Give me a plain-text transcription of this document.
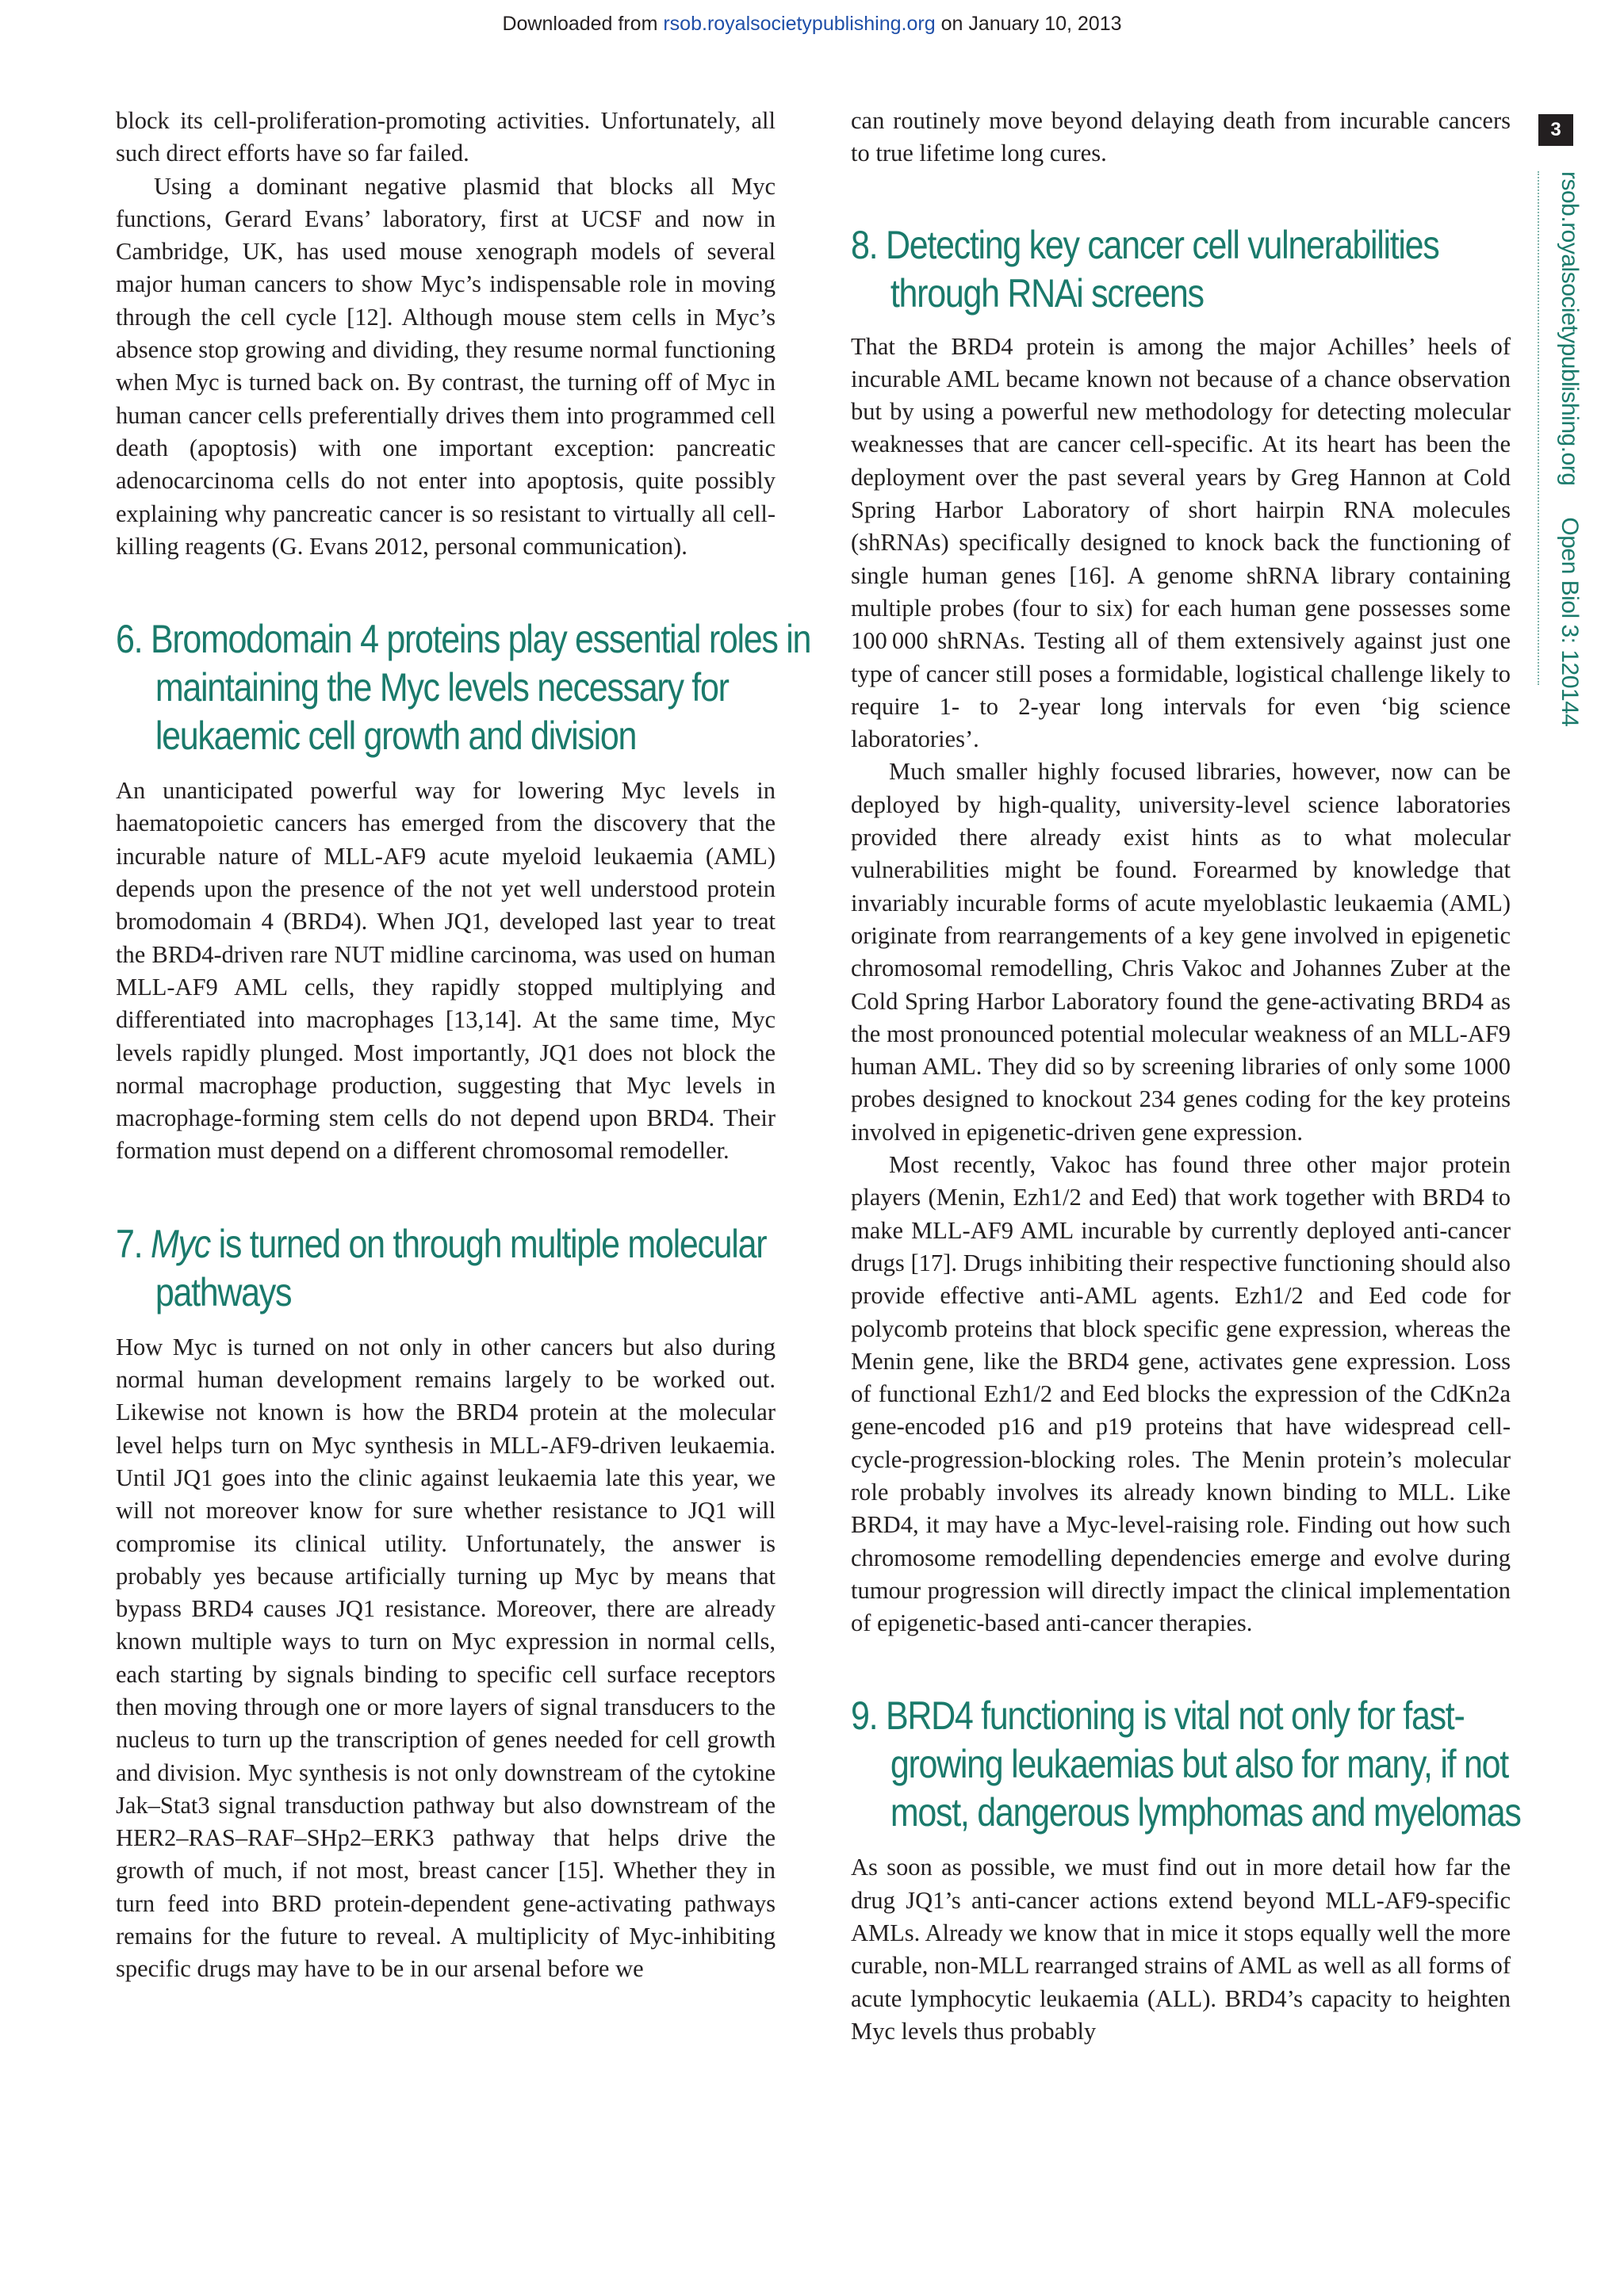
Downloaded from rsob.royalsocietypublishing.org on January 10, 2013
3
rsob.royalsocietypublishing.orgOpen Biol 3: 120144

block its cell-proliferation-promoting activities. Unfortunately, all such direct efforts have so far failed.

Using a dominant negative plasmid that blocks all Myc functions, Gerard Evans’ laboratory, first at UCSF and now in Cambridge, UK, has used mouse xenograph models of several major human cancers to show Myc’s indispensable role in moving through the cell cycle [12]. Although mouse stem cells in Myc’s absence stop growing and dividing, they resume normal functioning when Myc is turned back on. By contrast, the turning off of Myc in human cancer cells preferentially drives them into programmed cell death (apoptosis) with one important exception: pancreatic adenocarcinoma cells do not enter into apoptosis, quite possibly explaining why pancreatic cancer is so resistant to virtually all cell-killing reagents (G. Evans 2012, personal communication).

6. Bromodomain 4 proteins play essential roles in maintaining the Myc levels necessary for leukaemic cell growth and division

An unanticipated powerful way for lowering Myc levels in haematopoietic cancers has emerged from the discovery that the incurable nature of MLL-AF9 acute myeloid leukaemia (AML) depends upon the presence of the not yet well understood protein bromodomain 4 (BRD4). When JQ1, developed last year to treat the BRD4-driven rare NUT midline carcinoma, was used on human MLL-AF9 AML cells, they rapidly stopped multiplying and differentiated into macrophages [13,14]. At the same time, Myc levels rapidly plunged. Most importantly, JQ1 does not block the normal macrophage production, suggesting that Myc levels in macrophage-forming stem cells do not depend upon BRD4. Their formation must depend on a different chromosomal remodeller.

7. Myc is turned on through multiple molecular pathways

How Myc is turned on not only in other cancers but also during normal human development remains largely to be worked out. Likewise not known is how the BRD4 protein at the molecular level helps turn on Myc synthesis in MLL-AF9-driven leukaemia. Until JQ1 goes into the clinic against leukaemia late this year, we will not moreover know for sure whether resistance to JQ1 will compromise its clinical utility. Unfortunately, the answer is probably yes because artificially turning up Myc by means that bypass BRD4 causes JQ1 resistance. Moreover, there are already known multiple ways to turn on Myc expression in normal cells, each starting by signals binding to specific cell surface receptors then moving through one or more layers of signal transducers to the nucleus to turn up the transcription of genes needed for cell growth and division. Myc synthesis is not only downstream of the cytokine Jak–Stat3 signal transduction pathway but also downstream of the HER2–RAS–RAF–SHp2–ERK3 pathway that helps drive the growth of much, if not most, breast cancer [15]. Whether they in turn feed into BRD protein-dependent gene-activating pathways remains for the future to reveal. A multiplicity of Myc-inhibiting specific drugs may have to be in our arsenal before we

can routinely move beyond delaying death from incurable cancers to true lifetime long cures.

8. Detecting key cancer cell vulnerabilities through RNAi screens

That the BRD4 protein is among the major Achilles’ heels of incurable AML became known not because of a chance observation but by using a powerful new methodology for detecting molecular weaknesses that are cancer cell-specific. At its heart has been the deployment over the past several years by Greg Hannon at Cold Spring Harbor Laboratory of short hairpin RNA molecules (shRNAs) specifically designed to knock back the functioning of single human genes [16]. A genome shRNA library containing multiple probes (four to six) for each human gene possesses some 100 000 shRNAs. Testing all of them extensively against just one type of cancer still poses a formidable, logistical challenge likely to require 1- to 2-year long intervals for even ‘big science laboratories’.

Much smaller highly focused libraries, however, now can be deployed by high-quality, university-level science laboratories provided there already exist hints as to what molecular vulnerabilities might be found. Forearmed by knowledge that invariably incurable forms of acute myeloblastic leukaemia (AML) originate from rearrangements of a key gene involved in epigenetic chromosomal remodelling, Chris Vakoc and Johannes Zuber at the Cold Spring Harbor Laboratory found the gene-activating BRD4 as the most pronounced potential molecular weakness of an MLL-AF9 human AML. They did so by screening libraries of only some 1000 probes designed to knockout 234 genes coding for the key proteins involved in epigenetic-driven gene expression.

Most recently, Vakoc has found three other major protein players (Menin, Ezh1/2 and Eed) that work together with BRD4 to make MLL-AF9 AML incurable by currently deployed anti-cancer drugs [17]. Drugs inhibiting their respective functioning should also provide effective anti-AML agents. Ezh1/2 and Eed code for polycomb proteins that block specific gene expression, whereas the Menin gene, like the BRD4 gene, activates gene expression. Loss of functional Ezh1/2 and Eed blocks the expression of the CdKn2a gene-encoded p16 and p19 proteins that have widespread cell-cycle-progression-blocking roles. The Menin protein’s molecular role probably involves its already known binding to MLL. Like BRD4, it may have a Myc-level-raising role. Finding out how such chromosome remodelling dependencies emerge and evolve during tumour progression will directly impact the clinical implementation of epigenetic-based anti-cancer therapies.

9. BRD4 functioning is vital not only for fast-growing leukaemias but also for many, if not most, dangerous lymphomas and myelomas

As soon as possible, we must find out in more detail how far the drug JQ1’s anti-cancer actions extend beyond MLL-AF9-specific AMLs. Already we know that in mice it stops equally well the more curable, non-MLL rearranged strains of AML as well as all forms of acute lymphocytic leukaemia (ALL). BRD4’s capacity to heighten Myc levels thus probably
